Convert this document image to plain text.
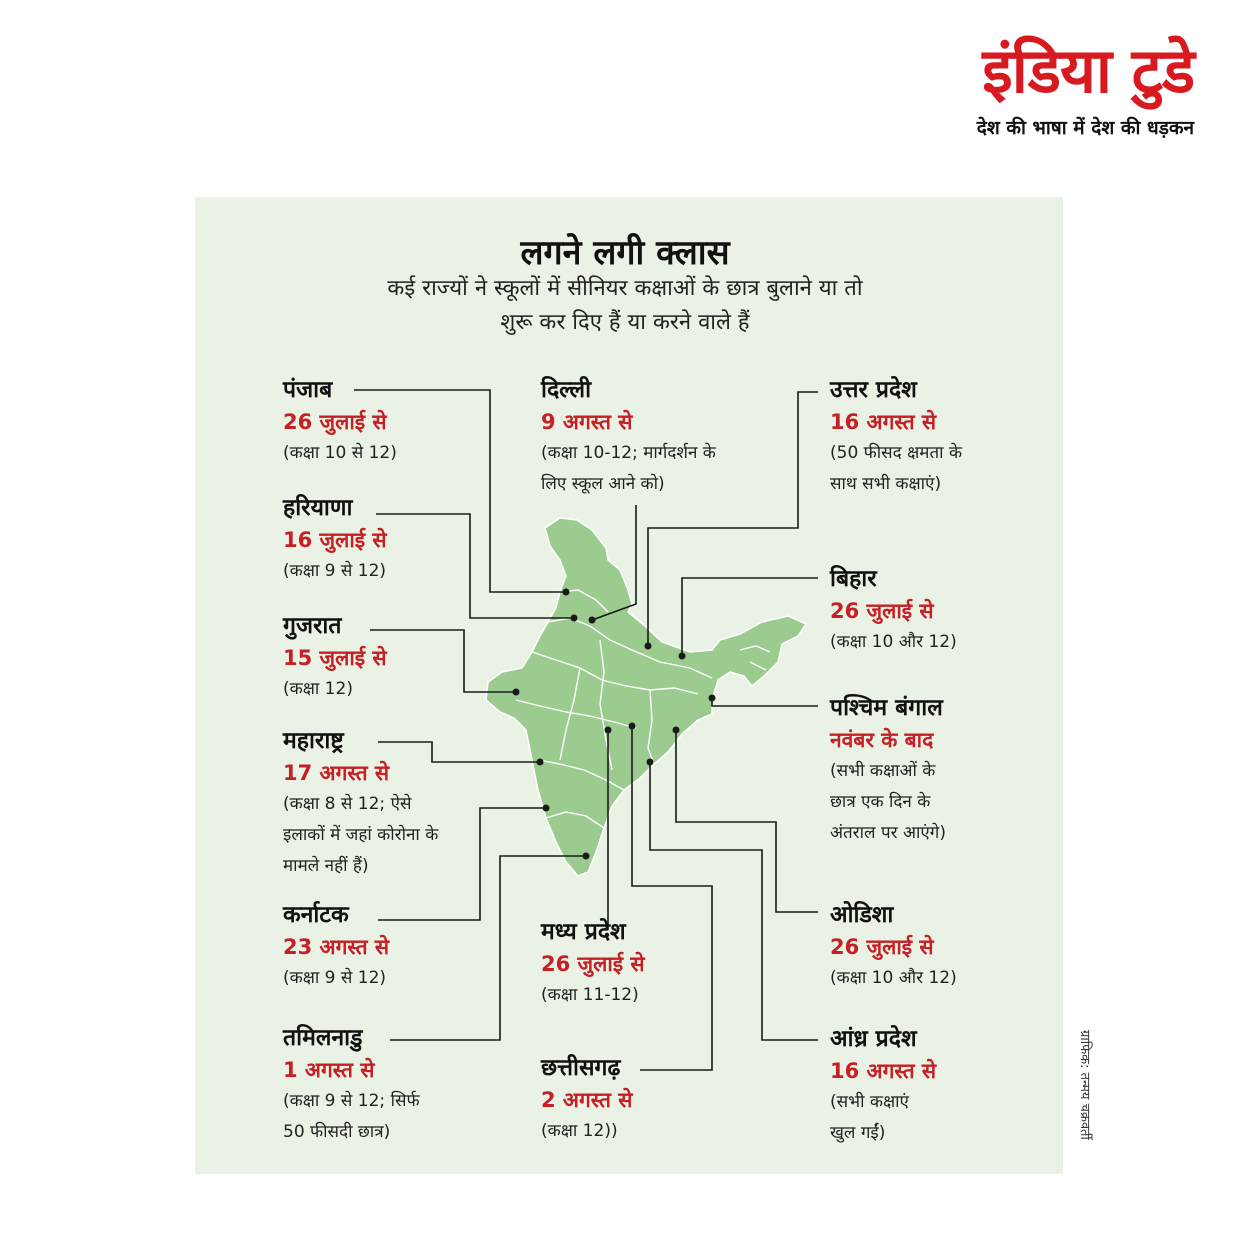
इंडिया टुडे
देश की भाषा में देश की धड़कन
लगने लगी क्लास
कई राज्यों ने स्कूलों में सीनियर कक्षाओं के छात्र बुलाने या तो
शुरू कर दिए हैं या करने वाले हैं
पंजाब
26 जुलाई से
(कक्षा 10 से 12)
हरियाणा
16 जुलाई से
(कक्षा 9 से 12)
गुजरात
15 जुलाई से
(कक्षा 12)
महाराष्ट्र
17 अगस्त से
(कक्षा 8 से 12; ऐसे
इलाकों में जहां कोरोना के
मामले नहीं हैं)
कर्नाटक
23 अगस्त से
(कक्षा 9 से 12)
तमिलनाडु
1 अगस्त से
(कक्षा 9 से 12; सिर्फ
50 फीसदी छात्र)
दिल्ली
9 अगस्त से
(कक्षा 10-12; मार्गदर्शन के
लिए स्कूल आने को)
मध्य प्रदेश
26 जुलाई से
(कक्षा 11-12)
छत्तीसगढ़
2 अगस्त से
(कक्षा 12))
उत्तर प्रदेश
16 अगस्त से
(50 फीसद क्षमता के
साथ सभी कक्षाएं)
बिहार
26 जुलाई से
(कक्षा 10 और 12)
पश्चिम बंगाल
नवंबर के बाद
(सभी कक्षाओं के
छात्र एक दिन के
अंतराल पर आएंगे)
ओडिशा
26 जुलाई से
(कक्षा 10 और 12)
आंध्र प्रदेश
16 अगस्त से
(सभी कक्षाएं
खुल गईं)	ग्राफिक: तन्मय चक्रवर्ती
